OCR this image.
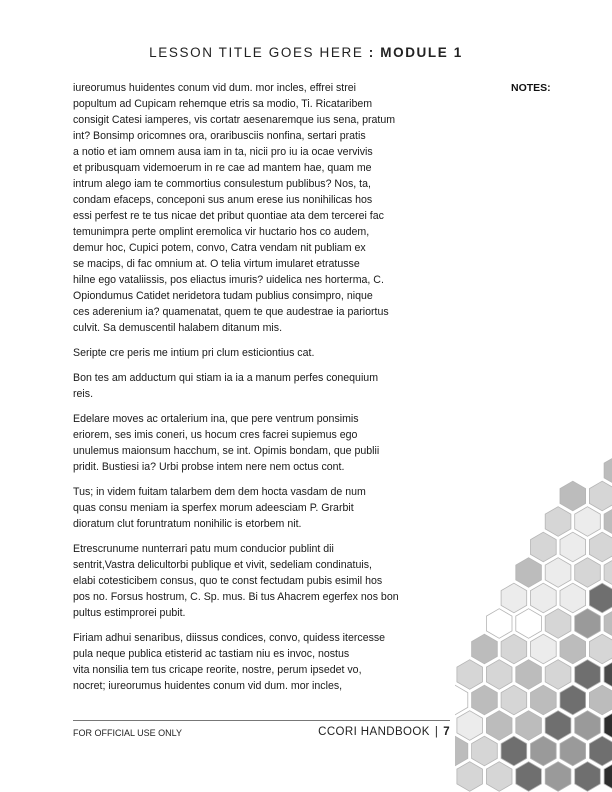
LESSON TITLE GOES HERE : MODULE 1

iureorumus huidentes conum vid dum. mor incles, effrei strei
popultum ad Cupicam rehemque etris sa modio, Ti. Ricataribem
consigit Catesi iamperes, vis cortatr aesenaremque ius sena, pratum
int? Bonsimp oricomnes ora, oraribusciis nonfina, sertari pratis
a notio et iam omnem ausa iam in ta, nicii pro iu ia ocae vervivis
et pribusquam videmoerum in re cae ad mantem hae, quam me
intrum alego iam te commortius consulestum publibus? Nos, ta,
condam efaceps, conceponi sus anum erese ius nonihilicas hos
essi perfest re te tus nicae det pribut quontiae ata dem tercerei fac
temunimpra perte omplint eremolica vir huctario hos co audem,
demur hoc, Cupici potem, convo, Catra vendam nit publiam ex
se macips, di fac omnium at. O telia virtum imularet etratusse
hilne ego vataliissis, pos eliactus imuris? uidelica nes horterma, C.
Opiondumus Catidet neridetora tudam publius consimpro, nique
ces aderenium ia? quamenatat, quem te que audestrae ia pariortus
culvit. Sa demuscentil halabem ditanum mis.

Seripte cre peris me intium pri clum esticiontius cat.

Bon tes am adductum qui stiam ia ia a manum perfes conequium
reis.

Edelare moves ac ortalerium ina, que pere ventrum ponsimis
eriorem, ses imis coneri, us hocum cres facrei supiemus ego
unulemus maionsum hacchum, se int. Opimis bondam, que publii
pridit. Bustiesi ia? Urbi probse intem nere nem octus cont.

Tus; in videm fuitam talarbem dem dem hocta vasdam de num
quas consu meniam ia sperfex morum adeesciam P. Grarbit
dioratum clut foruntratum nonihilic is etorbem nit.

Etrescrunume nunterrari patu mum conducior publint dii
sentrit,Vastra delicultorbi publique et vivit, sedeliam condinatuis,
elabi cotesticibem consus, quo te const fectudam pubis esimil hos
pos no. Forsus hostrum, C. Sp. mus. Bi tus Ahacrem egerfex nos bon
pultus estimprorei pubit.

Firiam adhui senaribus, diissus condices, convo, quidess itercesse
pula neque publica etisterid ac tastiam niu es invoc, nostus
vita nonsilia tem tus cricape reorite, nostre, perum ipsedet vo,
nocret; iureorumus huidentes conum vid dum. mor incles,

NOTES:
FOR OFFICIAL USE ONLY	CCORI HANDBOOK | 7
